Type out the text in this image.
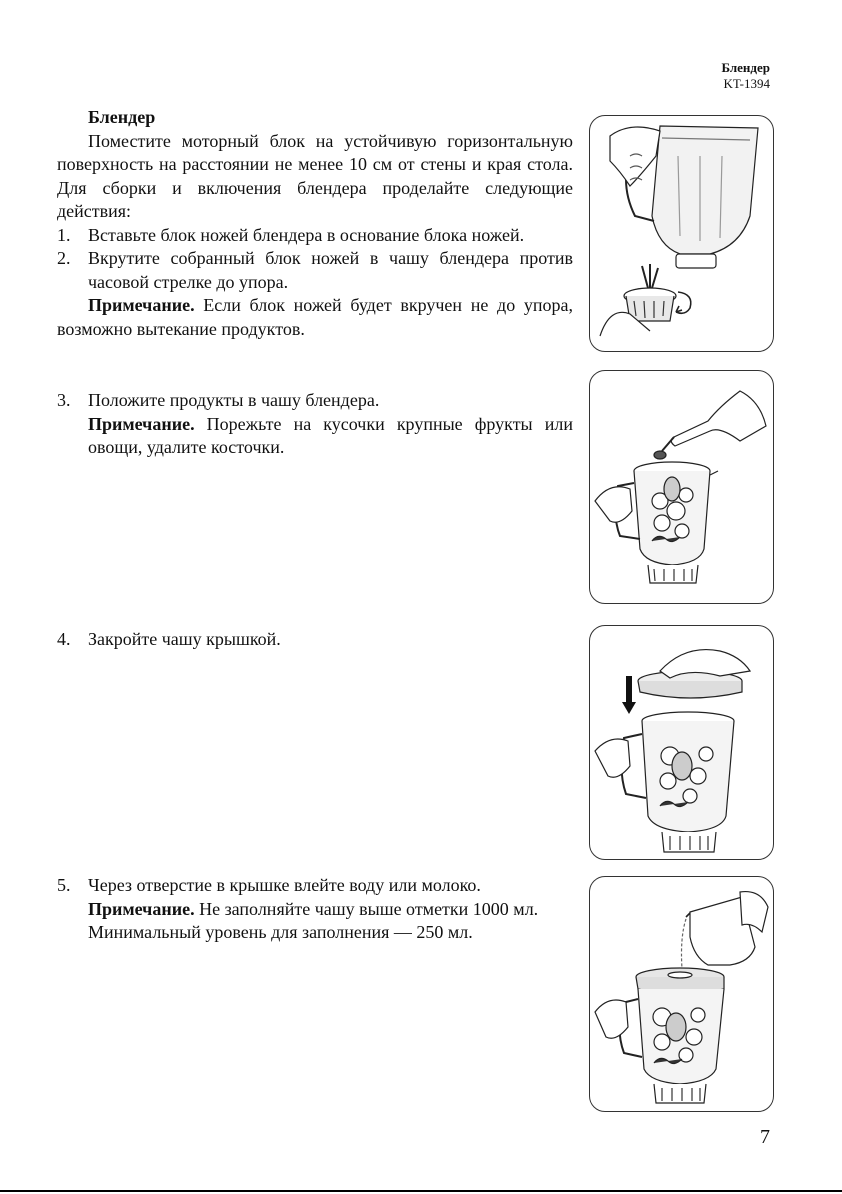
Блендер
KT-1394

Блендер

Поместите моторный блок на устойчивую горизонтальную поверхность на расстоянии не менее 10 см от стены и края стола. Для сборки и включения блендера проделайте следующие действия:

1. Вставьте блок ножей блендера в основание блока ножей.

2. Вкрутите собранный блок ножей в чашу блендера против часовой стрелке до упора.

Примечание. Если блок ножей будет вкручен не до упора, возможно вытекание продуктов.

3. Положите продукты в чашу блендера.

Примечание. Порежьте на кусочки крупные фрукты или овощи, удалите косточки.

4. Закройте чашу крышкой.

5. Через отверстие в крышке влейте воду или молоко.

Примечание. Не заполняйте чашу выше отметки 1000 мл.

Минимальный уровень для заполнения — 250 мл.

7
